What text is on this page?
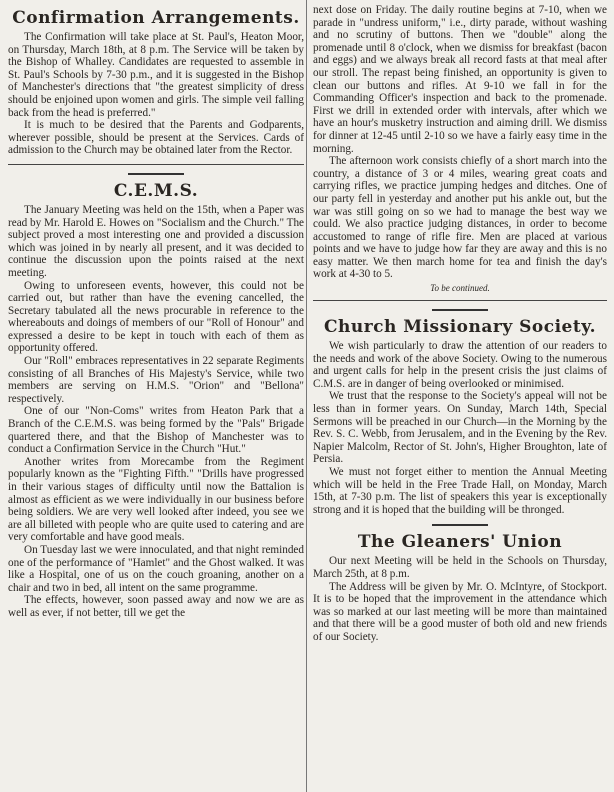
Confirmation Arrangements.

The Confirmation will take place at St. Paul's, Heaton Moor, on Thursday, March 18th, at 8 p.m. The Service will be taken by the Bishop of Whalley. Candidates are requested to assemble in St. Paul's Schools by 7-30 p.m., and it is suggested in the Bishop of Manchester's directions that "the greatest simplicity of dress should be enjoined upon women and girls. The simple veil falling back from the head is preferred."

It is much to be desired that the Parents and Godparents, wherever possible, should be present at the Services. Cards of admission to the Church may be obtained later from the Rector.

C.E.M.S.

The January Meeting was held on the 15th, when a Paper was read by Mr. Harold E. Howes on "Socialism and the Church." The subject proved a most interesting one and provided a discussion which was joined in by nearly all present, and it was decided to continue the discussion upon the points raised at the next meeting.

Owing to unforeseen events, however, this could not be carried out, but rather than have the evening cancelled, the Secretary tabulated all the news procurable in reference to the whereabouts and doings of members of our "Roll of Honour" and expressed a desire to be kept in touch with each of them as opportunity offered.

Our "Roll" embraces representatives in 22 separate Regiments consisting of all Branches of His Majesty's Service, while two members are serving on H.M.S. "Orion" and "Bellona" respectively.

One of our "Non-Coms" writes from Heaton Park that a Branch of the C.E.M.S. was being formed by the "Pals" Brigade quartered there, and that the Bishop of Manchester was to conduct a Confirmation Service in the Church "Hut."

Another writes from Morecambe from the Regiment popularly known as the "Fighting Fifth." "Drills have progressed in their various stages of difficulty until now the Battalion is almost as efficient as we were individually in our business before being soldiers. We are very well looked after indeed, you see we are all billeted with people who are quite used to catering and are very comfortable and have good meals.

On Tuesday last we were innoculated, and that night reminded one of the performance of "Hamlet" and the Ghost walked. It was like a Hospital, one of us on the couch groaning, another on a chair and two in bed, all intent on the same programme.

The effects, however, soon passed away and now we are as well as ever, if not better, till we get the

next dose on Friday. The daily routine begins at 7-10, when we parade in "undress uniform," i.e., dirty parade, without washing and no scrutiny of buttons. Then we "double" along the promenade until 8 o'clock, when we dismiss for breakfast (bacon and eggs) and we always break all record fasts at that meal after our stroll. The repast being finished, an opportunity is given to clean our buttons and rifles. At 9-10 we fall in for the Commanding Officer's inspection and back to the promenade. First we drill in extended order with intervals, after which we have an hour's musketry instruction and aiming drill. We dismiss for dinner at 12-45 until 2-10 so we have a fairly easy time in the morning.

The afternoon work consists chiefly of a short march into the country, a distance of 3 or 4 miles, wearing great coats and carrying rifles, we practice jumping hedges and ditches. One of our party fell in yesterday and another put his ankle out, but the war was still going on so we had to manage the best way we could. We also practice judging distances, in order to become accustomed to range of rifle fire. Men are placed at various points and we have to judge how far they are away and this is no easy matter. We then march home for tea and finish the day's work at 4-30 to 5.

To be continued.
Church Missionary Society.

We wish particularly to draw the attention of our readers to the needs and work of the above Society. Owing to the numerous and urgent calls for help in the present crisis the just claims of C.M.S. are in danger of being overlooked or minimised.

We trust that the response to the Society's appeal will not be less than in former years. On Sunday, March 14th, Special Sermons will be preached in our Church—in the Morning by the Rev. S. C. Webb, from Jerusalem, and in the Evening by the Rev. Napier Malcolm, Rector of St. John's, Higher Broughton, late of Persia.

We must not forget either to mention the Annual Meeting which will be held in the Free Trade Hall, on Monday, March 15th, at 7-30 p.m. The list of speakers this year is exceptionally strong and it is hoped that the building will be thronged.

The Gleaners' Union

Our next Meeting will be held in the Schools on Thursday, March 25th, at 8 p.m.

The Address will be given by Mr. O. McIntyre, of Stockport. It is to be hoped that the improvement in the attendance which was so marked at our last meeting will be more than maintained and that there will be a good muster of both old and new friends of our Society.
